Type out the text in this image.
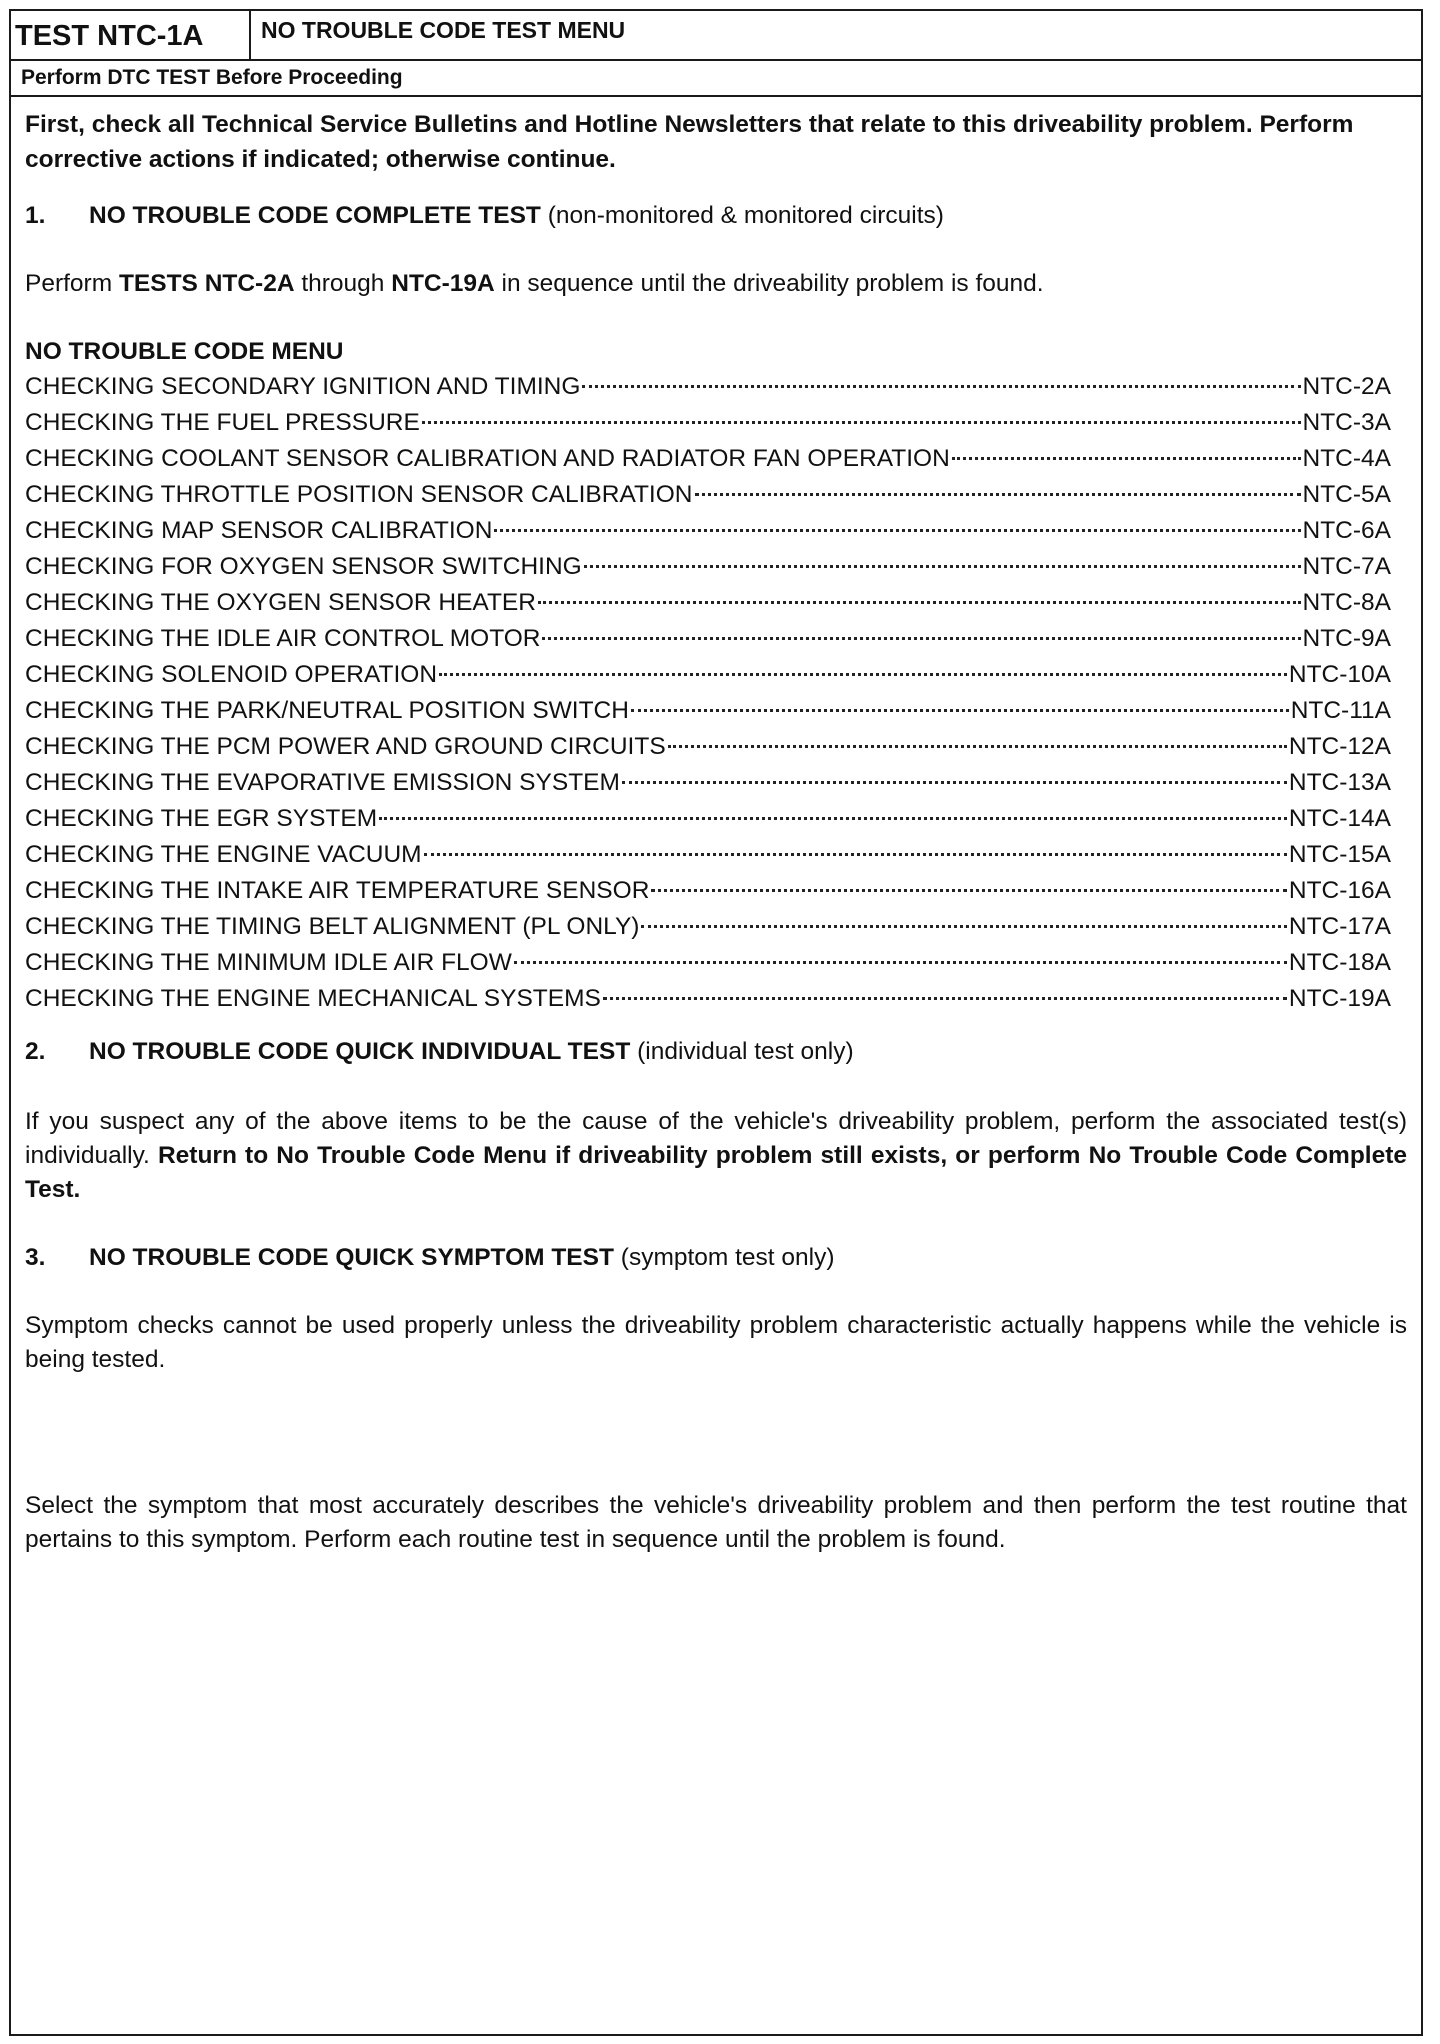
TEST NTC-1A	NO TROUBLE CODE TEST MENU
Perform DTC TEST Before Proceeding

First, check all Technical Service Bulletins and Hotline Newsletters that relate to this driveability problem. Perform corrective actions if indicated; otherwise continue.

1. NO TROUBLE CODE COMPLETE TEST (non-monitored & monitored circuits)

Perform TESTS NTC-2A through NTC-19A in sequence until the driveability problem is found.

NO TROUBLE CODE MENU

CHECKING SECONDARY IGNITION AND TIMING	NTC-2A
CHECKING THE FUEL PRESSURE	NTC-3A
CHECKING COOLANT SENSOR CALIBRATION AND RADIATOR FAN OPERATION	NTC-4A
CHECKING THROTTLE POSITION SENSOR CALIBRATION	NTC-5A
CHECKING MAP SENSOR CALIBRATION	NTC-6A
CHECKING FOR OXYGEN SENSOR SWITCHING	NTC-7A
CHECKING THE OXYGEN SENSOR HEATER	NTC-8A
CHECKING THE IDLE AIR CONTROL MOTOR	NTC-9A
CHECKING SOLENOID OPERATION	NTC-10A
CHECKING THE PARK/NEUTRAL POSITION SWITCH	NTC-11A
CHECKING THE PCM POWER AND GROUND CIRCUITS	NTC-12A
CHECKING THE EVAPORATIVE EMISSION SYSTEM	NTC-13A
CHECKING THE EGR SYSTEM	NTC-14A
CHECKING THE ENGINE VACUUM	NTC-15A
CHECKING THE INTAKE AIR TEMPERATURE SENSOR	NTC-16A
CHECKING THE TIMING BELT ALIGNMENT (PL ONLY)	NTC-17A
CHECKING THE MINIMUM IDLE AIR FLOW	NTC-18A
CHECKING THE ENGINE MECHANICAL SYSTEMS	NTC-19A

2. NO TROUBLE CODE QUICK INDIVIDUAL TEST (individual test only)

If you suspect any of the above items to be the cause of the vehicle's driveability problem, perform the associated test(s) individually. Return to No Trouble Code Menu if driveability problem still exists, or perform No Trouble Code Complete Test.

3. NO TROUBLE CODE QUICK SYMPTOM TEST (symptom test only)

Symptom checks cannot be used properly unless the driveability problem characteristic actually happens while the vehicle is being tested.

Select the symptom that most accurately describes the vehicle's driveability problem and then perform the test routine that pertains to this symptom. Perform each routine test in sequence until the problem is found.
